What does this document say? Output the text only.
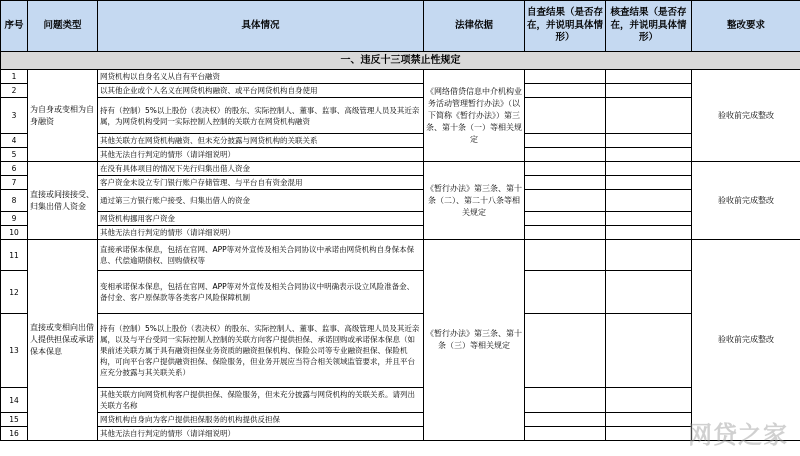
序号	问题类型	具体情况	法律依据	自查结果（是否存在，并说明具体情形）	核查结果（是否存在，并说明具体情形）	整改要求
一、违反十三项禁止性规定						
1	为自身或变相为自身融资	网贷机构以自身名义从自有平台融资	《网络借贷信息中介机构业务活动管理暂行办法》（以下简称《暂行办法》）第三条、第十条（一）等相关规定			验收前完成整改
2		以其他企业或个人名义在网贷机构融资、或平台网贷机构自身使用				
3		持有（控制）5%以上股份（表决权）的股东、实际控制人、董事、监事、高级管理人员及其近亲属，为网贷机构受同一实际控制人控制的关联方在网贷机构融资				
4		其他关联方在网贷机构融资、但未充分披露与网贷机构的关联关系				
5		其他无法自行判定的情形（请详细说明）				
6	直接或间接接受、归集出借人资金	在没有具体项目的情况下先行归集出借人资金	《暂行办法》第三条、第十条（二）、第二十八条等相关规定			验收前完成整改
7		客户资金未设立专门银行账户存储管理、与平台自有资金混用				
8		通过第三方银行账户接受、归集出借人的资金				
9		网贷机构挪用客户资金				
10		其他无法自行判定的情形（请详细说明）				
11	直接或变相向出借人提供担保或承诺保本保息	直接承诺保本保息，包括在官网、APP等对外宣传及相关合同协议中承诺由网贷机构自身保本保息、代偿逾期债权、回购债权等	《暂行办法》第三条、第十条（三）等相关规定			验收前完成整改
12		变相承诺保本保息，包括在官网、APP等对外宣传及相关合同协议中明确表示设立风险准备金、备付金、客户原保款等各类客户风险保障机制				
13		持有（控制）5%以上股份（表决权）的股东、实际控制人、董事、监事、高级管理人员及其近亲属，以及与平台受同一实际控制人控制的关联方向客户提供担保、承诺回购或承诺保本保息（如果前述关联方属于具有融资担保业务资质的融资担保机构、保险公司等专业融资担保、保险机构，可向平台客户提供融资担保、保险服务，但业务开展应当符合相关领域监管要求，并且平台应充分披露与其关联关系）				
14		其他关联方向网贷机构客户提供担保、保险服务，但未充分披露与网贷机构的关联关系。请列出关联方名称				
15		网贷机构自身向为客户提供担保服务的机构提供反担保				
16		其他无法自行判定的情形（请详细说明）					网贷之家
